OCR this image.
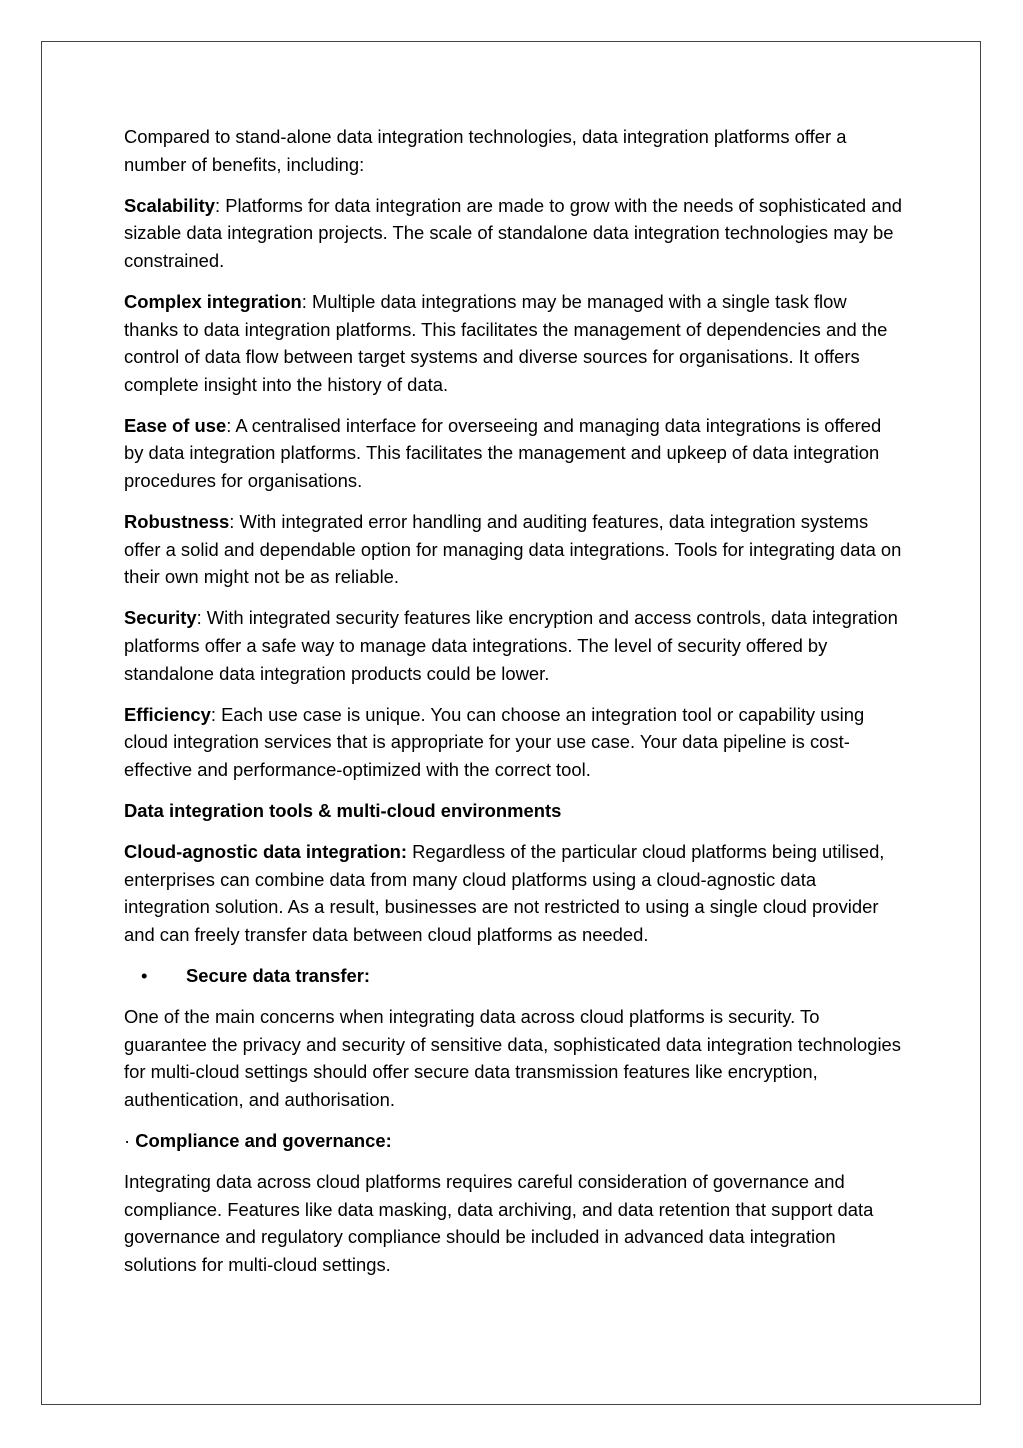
Compared to stand-alone data integration technologies, data integration platforms offer a number of benefits, including:

Scalability: Platforms for data integration are made to grow with the needs of sophisticated and sizable data integration projects. The scale of standalone data integration technologies may be constrained.

Complex integration: Multiple data integrations may be managed with a single task flow thanks to data integration platforms. This facilitates the management of dependencies and the control of data flow between target systems and diverse sources for organisations. It offers complete insight into the history of data.

Ease of use: A centralised interface for overseeing and managing data integrations is offered by data integration platforms. This facilitates the management and upkeep of data integration procedures for organisations.

Robustness: With integrated error handling and auditing features, data integration systems offer a solid and dependable option for managing data integrations. Tools for integrating data on their own might not be as reliable.

Security: With integrated security features like encryption and access controls, data integration platforms offer a safe way to manage data integrations. The level of security offered by standalone data integration products could be lower.

Efficiency: Each use case is unique. You can choose an integration tool or capability using cloud integration services that is appropriate for your use case. Your data pipeline is cost-effective and performance-optimized with the correct tool.

Data integration tools & multi-cloud environments

Cloud-agnostic data integration: Regardless of the particular cloud platforms being utilised, enterprises can combine data from many cloud platforms using a cloud-agnostic data integration solution. As a result, businesses are not restricted to using a single cloud provider and can freely transfer data between cloud platforms as needed.

• Secure data transfer:

One of the main concerns when integrating data across cloud platforms is security. To guarantee the privacy and security of sensitive data, sophisticated data integration technologies for multi-cloud settings should offer secure data transmission features like encryption, authentication, and authorisation.

· Compliance and governance:

Integrating data across cloud platforms requires careful consideration of governance and compliance. Features like data masking, data archiving, and data retention that support data governance and regulatory compliance should be included in advanced data integration solutions for multi-cloud settings.
